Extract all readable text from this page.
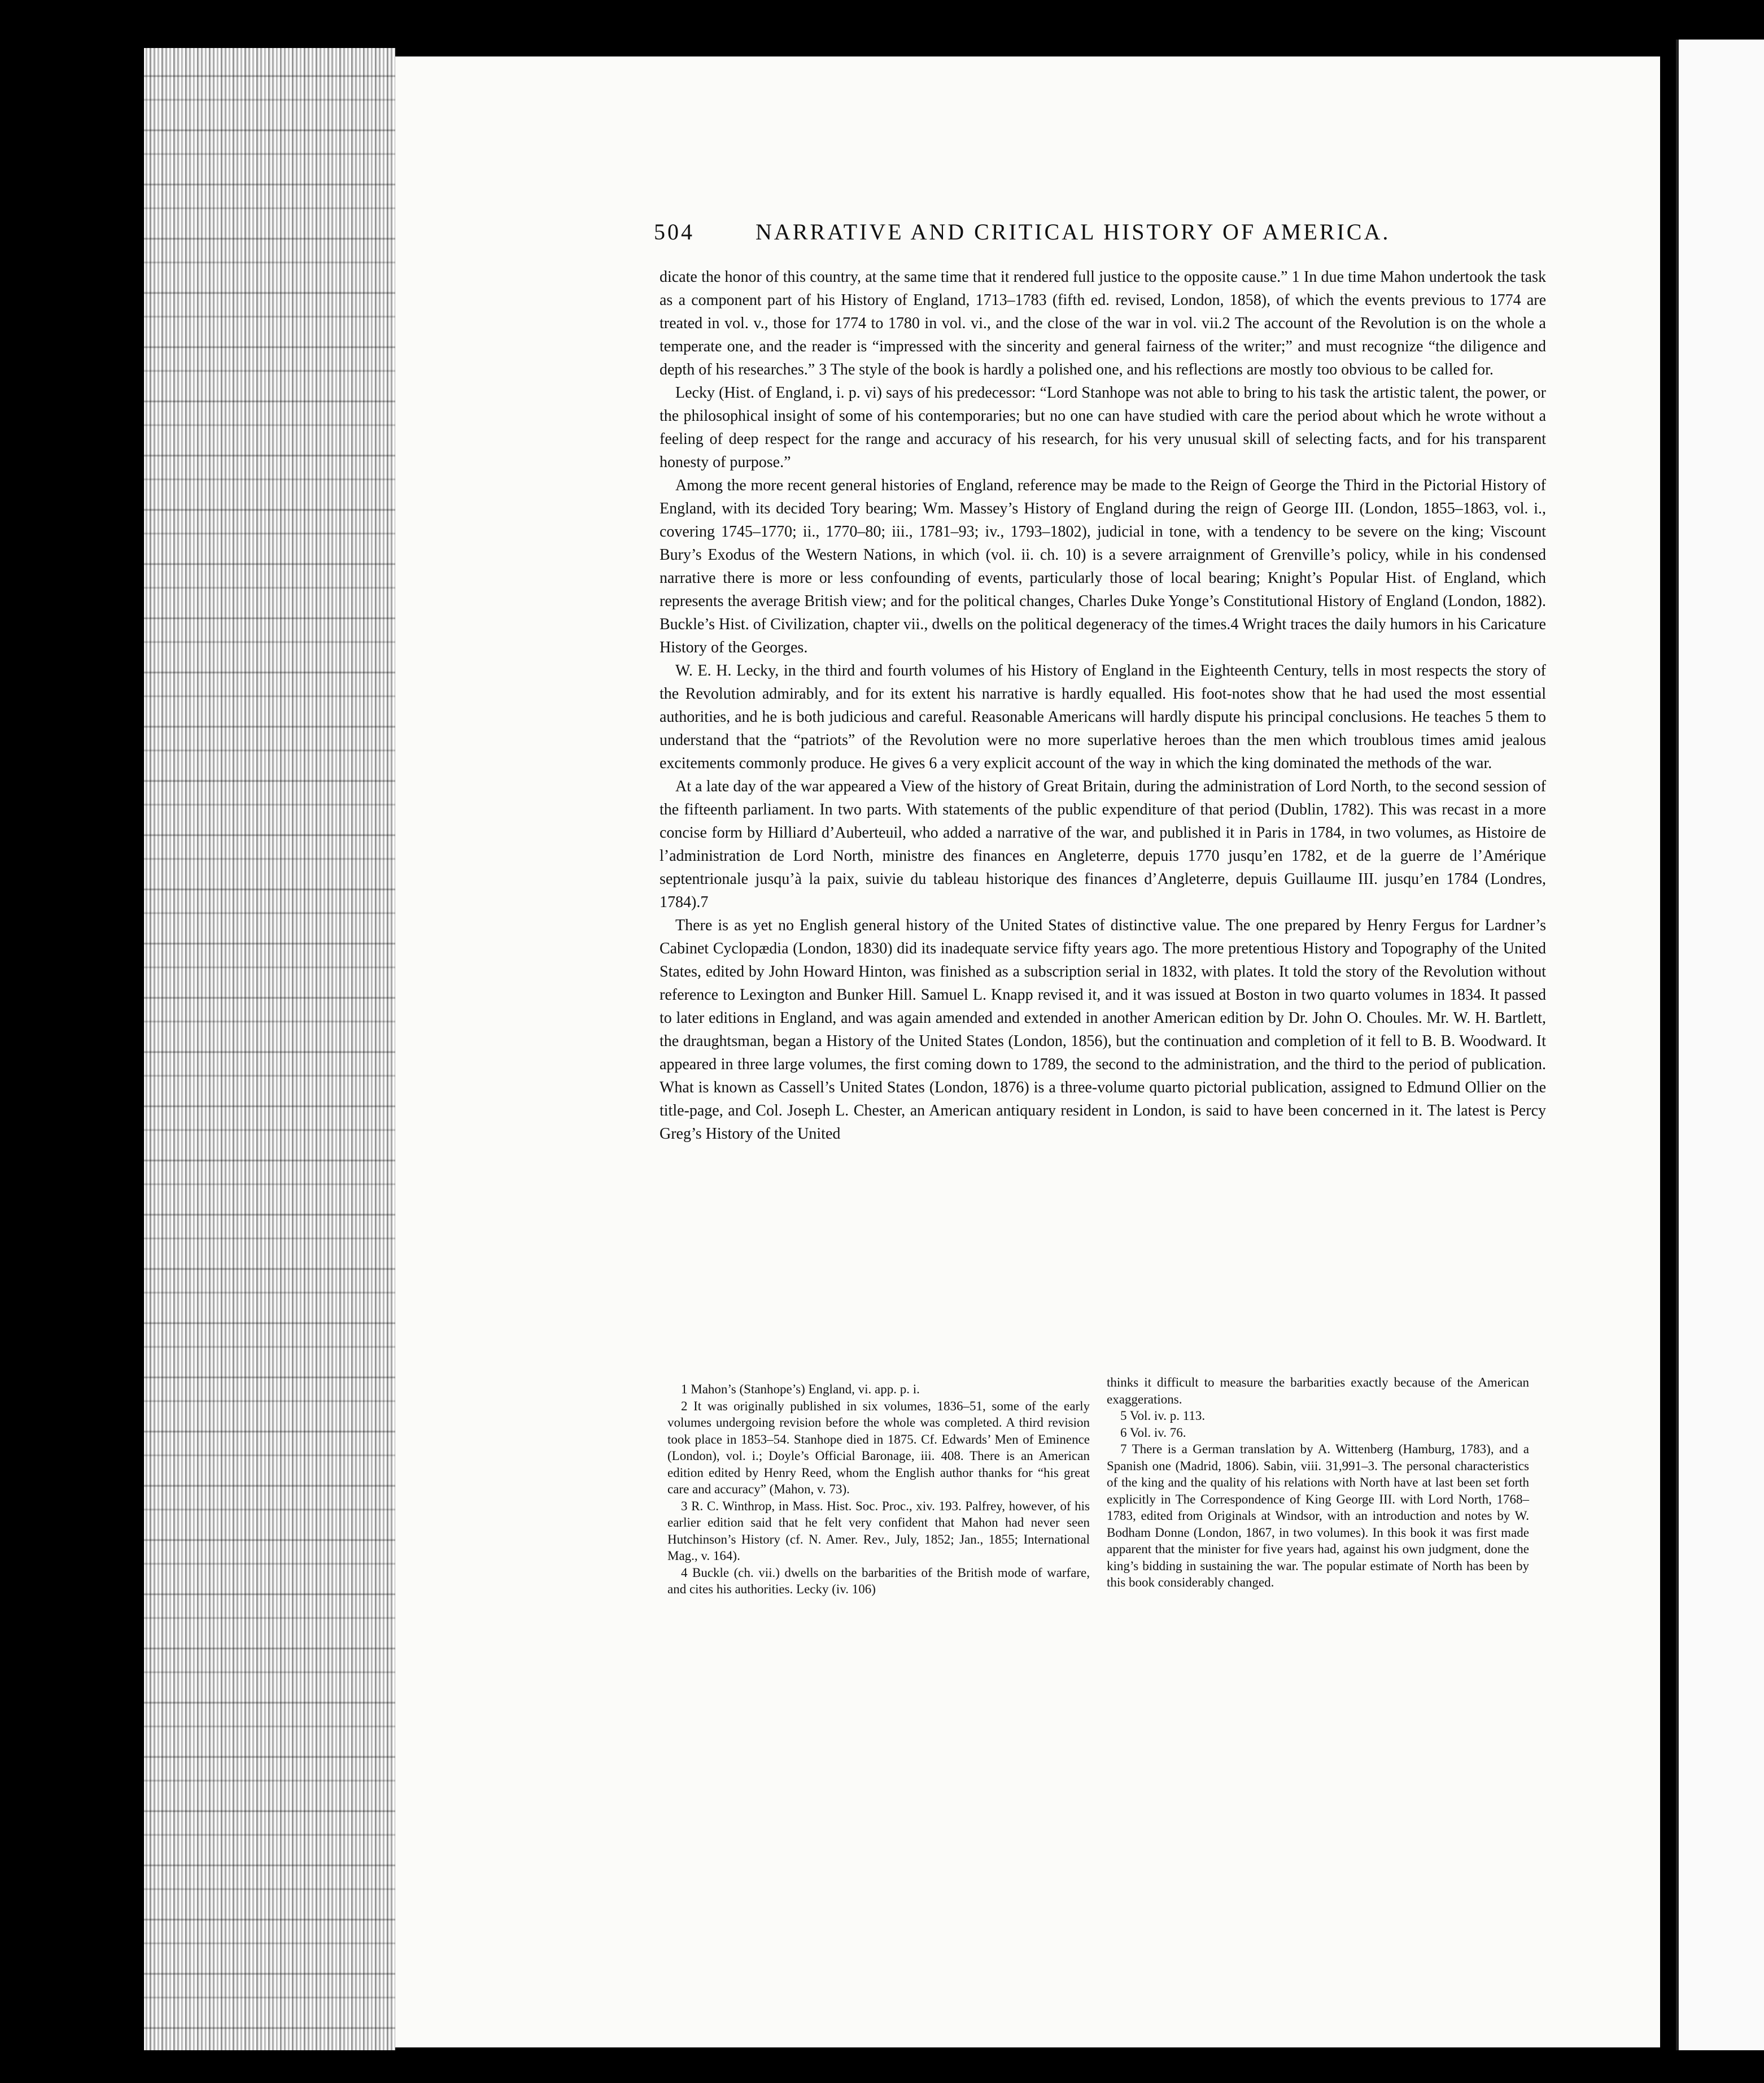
504	NARRATIVE AND CRITICAL HISTORY OF AMERICA.

dicate the honor of this country, at the same time that it rendered full justice to the opposite cause.” 1 In due time Mahon undertook the task as a component part of his History of England, 1713–1783 (fifth ed. revised, London, 1858), of which the events previous to 1774 are treated in vol. v., those for 1774 to 1780 in vol. vi., and the close of the war in vol. vii.2 The account of the Revolution is on the whole a temperate one, and the reader is “impressed with the sincerity and general fairness of the writer;” and must recognize “the diligence and depth of his researches.” 3 The style of the book is hardly a polished one, and his reflections are mostly too obvious to be called for.

Lecky (Hist. of England, i. p. vi) says of his predecessor: “Lord Stanhope was not able to bring to his task the artistic talent, the power, or the philosophical insight of some of his contemporaries; but no one can have studied with care the period about which he wrote without a feeling of deep respect for the range and accuracy of his research, for his very unusual skill of selecting facts, and for his transparent honesty of purpose.”

Among the more recent general histories of England, reference may be made to the Reign of George the Third in the Pictorial History of England, with its decided Tory bearing; Wm. Massey’s History of England during the reign of George III. (London, 1855–1863, vol. i., covering 1745–1770; ii., 1770–80; iii., 1781–93; iv., 1793–1802), judicial in tone, with a tendency to be severe on the king; Viscount Bury’s Exodus of the Western Nations, in which (vol. ii. ch. 10) is a severe arraignment of Grenville’s policy, while in his condensed narrative there is more or less confounding of events, particularly those of local bearing; Knight’s Popular Hist. of England, which represents the average British view; and for the political changes, Charles Duke Yonge’s Constitutional History of England (London, 1882). Buckle’s Hist. of Civilization, chapter vii., dwells on the political degeneracy of the times.4 Wright traces the daily humors in his Caricature History of the Georges.

W. E. H. Lecky, in the third and fourth volumes of his History of England in the Eighteenth Century, tells in most respects the story of the Revolution admirably, and for its extent his narrative is hardly equalled. His foot-notes show that he had used the most essential authorities, and he is both judicious and careful. Reasonable Americans will hardly dispute his principal conclusions. He teaches 5 them to understand that the “patriots” of the Revolution were no more superlative heroes than the men which troublous times amid jealous excitements commonly produce. He gives 6 a very explicit account of the way in which the king dominated the methods of the war.

At a late day of the war appeared a View of the history of Great Britain, during the administration of Lord North, to the second session of the fifteenth parliament. In two parts. With statements of the public expenditure of that period (Dublin, 1782). This was recast in a more concise form by Hilliard d’Auberteuil, who added a narrative of the war, and published it in Paris in 1784, in two volumes, as Histoire de l’administration de Lord North, ministre des finances en Angleterre, depuis 1770 jusqu’en 1782, et de la guerre de l’Amérique septentrionale jusqu’à la paix, suivie du tableau historique des finances d’Angleterre, depuis Guillaume III. jusqu’en 1784 (Londres, 1784).7

There is as yet no English general history of the United States of distinctive value. The one prepared by Henry Fergus for Lardner’s Cabinet Cyclopædia (London, 1830) did its inadequate service fifty years ago. The more pretentious History and Topography of the United States, edited by John Howard Hinton, was finished as a subscription serial in 1832, with plates. It told the story of the Revolution without reference to Lexington and Bunker Hill. Samuel L. Knapp revised it, and it was issued at Boston in two quarto volumes in 1834. It passed to later editions in England, and was again amended and extended in another American edition by Dr. John O. Choules. Mr. W. H. Bartlett, the draughtsman, began a History of the United States (London, 1856), but the continuation and completion of it fell to B. B. Woodward. It appeared in three large volumes, the first coming down to 1789, the second to the administration, and the third to the period of publication. What is known as Cassell’s United States (London, 1876) is a three-volume quarto pictorial publication, assigned to Edmund Ollier on the title-page, and Col. Joseph L. Chester, an American antiquary resident in London, is said to have been concerned in it. The latest is Percy Greg’s History of the United

1 Mahon’s (Stanhope’s) England, vi. app. p. i.

2 It was originally published in six volumes, 1836–51, some of the early volumes undergoing revision before the whole was completed. A third revision took place in 1853–54. Stanhope died in 1875. Cf. Edwards’ Men of Eminence (London), vol. i.; Doyle’s Official Baronage, iii. 408. There is an American edition edited by Henry Reed, whom the English author thanks for “his great care and accuracy” (Mahon, v. 73).

3 R. C. Winthrop, in Mass. Hist. Soc. Proc., xiv. 193. Palfrey, however, of his earlier edition said that he felt very confident that Mahon had never seen Hutchinson’s History (cf. N. Amer. Rev., July, 1852; Jan., 1855; International Mag., v. 164).

4 Buckle (ch. vii.) dwells on the barbarities of the British mode of warfare, and cites his authorities. Lecky (iv. 106)

thinks it difficult to measure the barbarities exactly because of the American exaggerations.

5 Vol. iv. p. 113.

6 Vol. iv. 76.

7 There is a German translation by A. Wittenberg (Hamburg, 1783), and a Spanish one (Madrid, 1806). Sabin, viii. 31,991–3. The personal characteristics of the king and the quality of his relations with North have at last been set forth explicitly in The Correspondence of King George III. with Lord North, 1768–1783, edited from Originals at Windsor, with an introduction and notes by W. Bodham Donne (London, 1867, in two volumes). In this book it was first made apparent that the minister for five years had, against his own judgment, done the king’s bidding in sustaining the war. The popular estimate of North has been by this book considerably changed.
